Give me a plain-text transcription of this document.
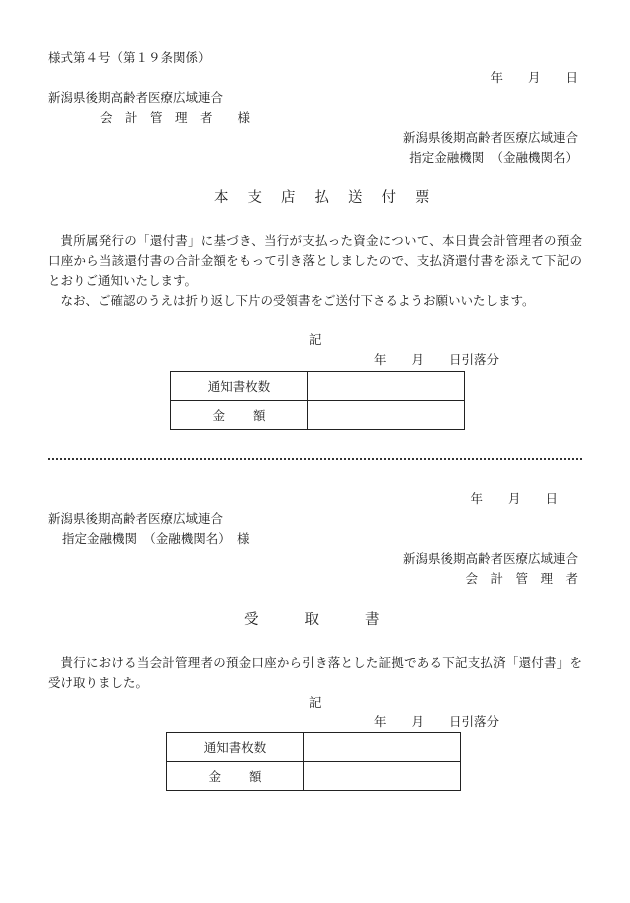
様式第４号（第１９条関係）
年　　月　　日
新潟県後期高齢者医療広域連合
会　計　管　理　者　　様
新潟県後期高齢者医療広域連合
指定金融機関　（金融機関名）
本支店払送付票
貴所属発行の「還付書」に基づき、当行が支払った資金について、本日貴会計管理者の預金口座から当該還付書の合計金額をもって引き落としましたので、支払済還付書を添えて下記のとおりご通知いたします。
なお、ご確認のうえは折り返し下片の受領書をご送付下さるようお願いいたします。
記
年　　月　　日引落分
通知書枚数	
金額	
年　　月　　日
新潟県後期高齢者医療広域連合
指定金融機関　（金融機関名）　様
新潟県後期高齢者医療広域連合
会　計　管　理　者
受取書
貴行における当会計管理者の預金口座から引き落とした証拠である下記支払済「還付書」を受け取りました。
記
年　　月　　日引落分
通知書枚数	
金額	
